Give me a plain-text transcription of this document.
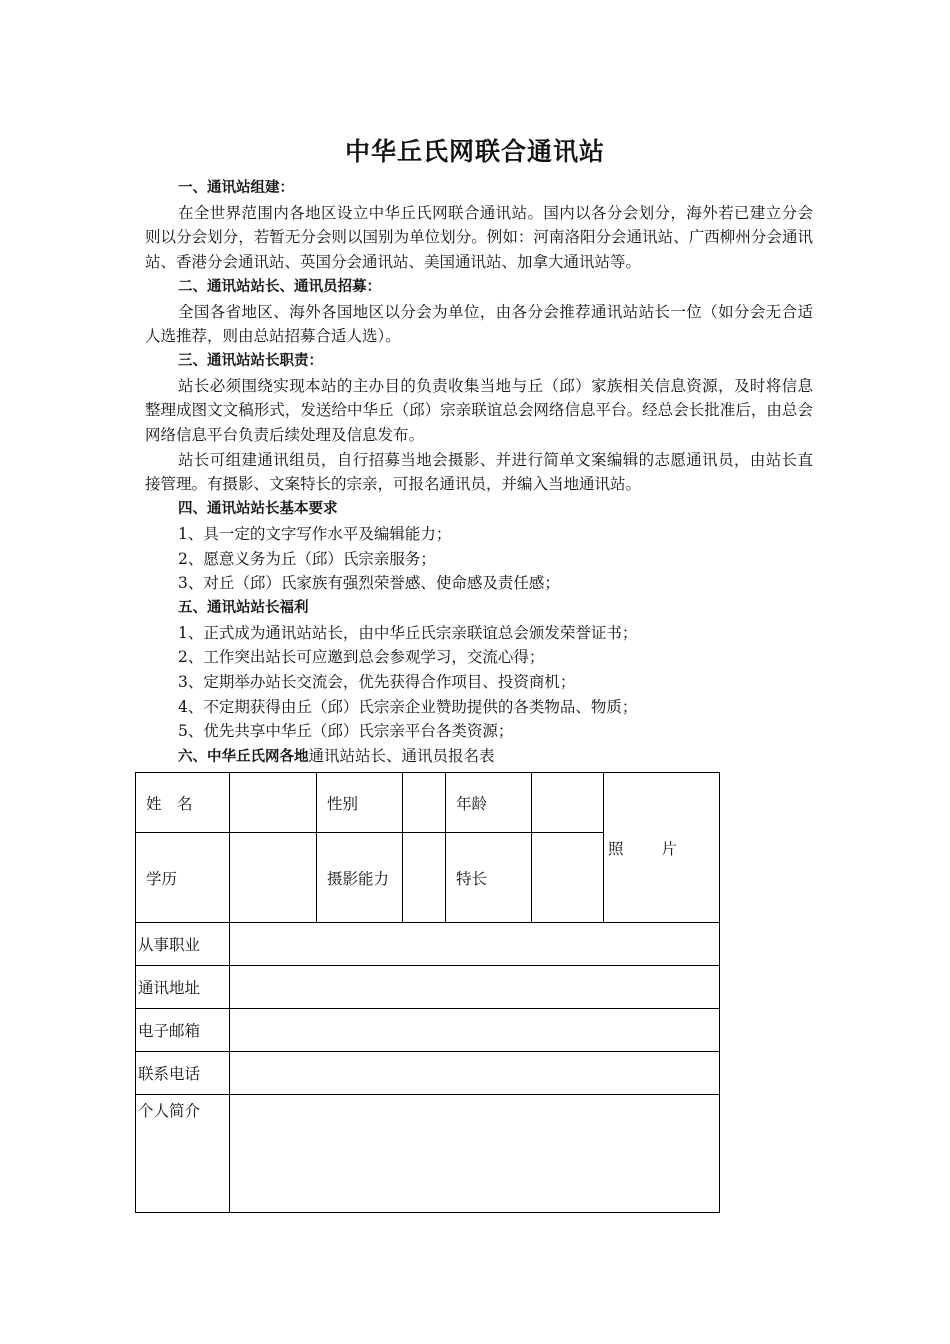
中华丘氏网联合通讯站

一、通讯站组建：

在全世界范围内各地区设立中华丘氏网联合通讯站。国内以各分会划分，海外若已建立分会则以分会划分，若暂无分会则以国别为单位划分。例如：河南洛阳分会通讯站、广西柳州分会通讯站、香港分会通讯站、英国分会通讯站、美国通讯站、加拿大通讯站等。

二、通讯站站长、通讯员招募：

全国各省地区、海外各国地区以分会为单位，由各分会推荐通讯站站长一位（如分会无合适人选推荐，则由总站招募合适人选）。

三、通讯站站长职责：

站长必须围绕实现本站的主办目的负责收集当地与丘（邱）家族相关信息资源，及时将信息整理成图文文稿形式，发送给中华丘（邱）宗亲联谊总会网络信息平台。经总会长批准后，由总会网络信息平台负责后续处理及信息发布。

站长可组建通讯组员，自行招募当地会摄影、并进行简单文案编辑的志愿通讯员，由站长直接管理。有摄影、文案特长的宗亲，可报名通讯员，并编入当地通讯站。

四、通讯站站长基本要求

1、具一定的文字写作水平及编辑能力；

2、愿意义务为丘（邱）氏宗亲服务；

3、对丘（邱）氏家族有强烈荣誉感、使命感及责任感；

五、通讯站站长福利

1、正式成为通讯站站长，由中华丘氏宗亲联谊总会颁发荣誉证书；

2、工作突出站长可应邀到总会参观学习，交流心得；

3、定期举办站长交流会，优先获得合作项目、投资商机；

4、不定期获得由丘（邱）氏宗亲企业赞助提供的各类物品、物质；

5、优先共享中华丘（邱）氏宗亲平台各类资源；

六、中华丘氏网各地通讯站站长、通讯员报名表

姓　名		性别		年龄		照片
学历		摄影能力		特长		
从事职业						
通讯地址						
电子邮箱						
联系电话						
个人简介						
